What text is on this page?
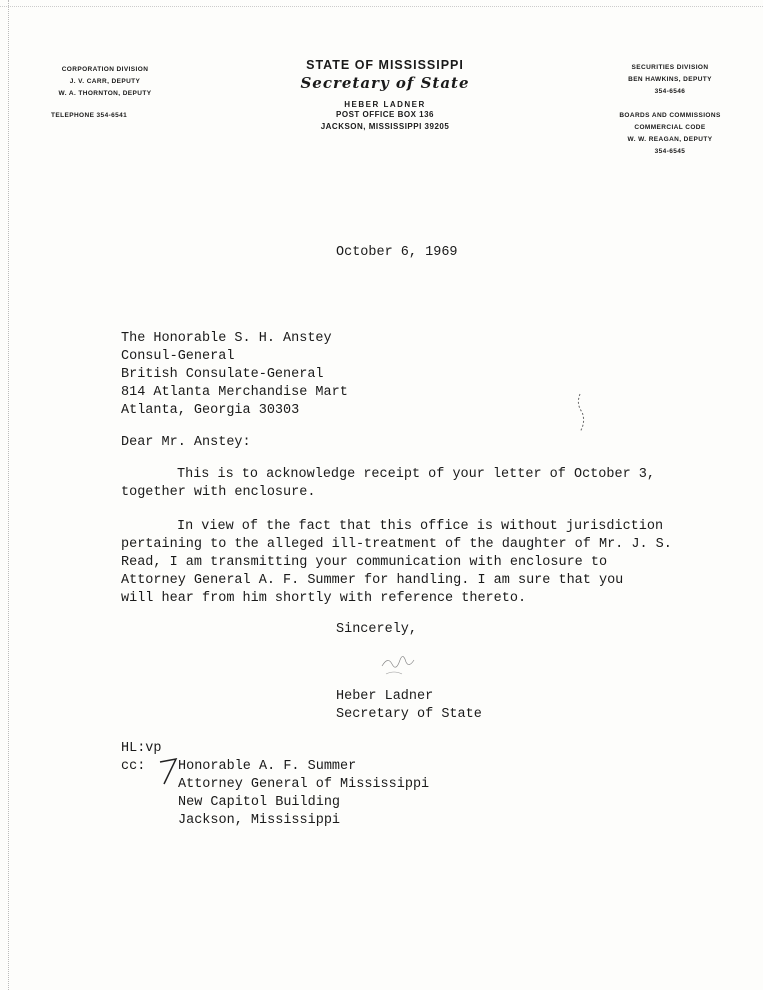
CORPORATION DIVISION
J. V. CARR, DEPUTY
W. A. THORNTON, DEPUTY
TELEPHONE 354-6541
STATE OF MISSISSIPPI
Secretary of State
HEBER LADNER
POST OFFICE BOX 136
JACKSON, MISSISSIPPI 39205
SECURITIES DIVISION
BEN HAWKINS, DEPUTY
354-6546
BOARDS AND COMMISSIONS
COMMERCIAL CODE
W. W. REAGAN, DEPUTY
354-6545
October 6, 1969
The Honorable S. H. Anstey
Consul-General
British Consulate-General
814 Atlanta Merchandise Mart
Atlanta, Georgia 30303
Dear Mr. Anstey:
This is to acknowledge receipt of your letter of October 3,
together with enclosure.
In view of the fact that this office is without jurisdiction
pertaining to the alleged ill-treatment of the daughter of Mr. J. S.
Read, I am transmitting your communication with enclosure to
Attorney General A. F. Summer for handling. I am sure that you
will hear from him shortly with reference thereto.
Sincerely,
Heber Ladner
Secretary of State
HL:vp
cc: Honorable A. F. Summer
Attorney General of Mississippi
New Capitol Building
Jackson, Mississippi
